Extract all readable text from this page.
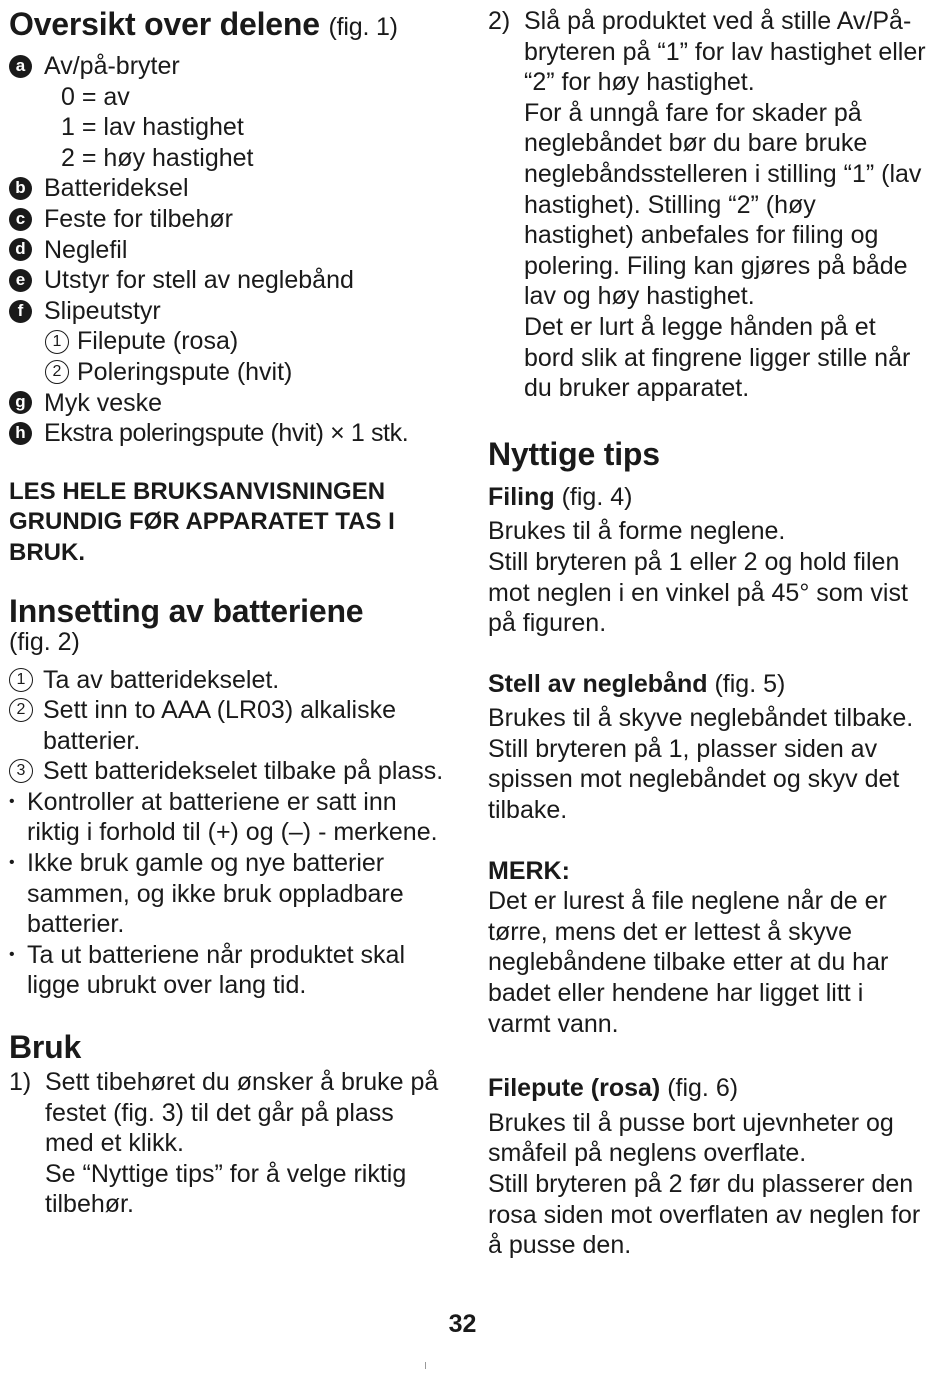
Oversikt over delene (fig. 1)
a Av/på-bryter
0 = av
1 = lav hastighet
2 = høy hastighet
b Batterideksel
c Feste for tilbehør
d Neglefil
e Utstyr for stell av neglebånd
f Slipeutstyr
1 Filepute (rosa)
2 Poleringspute (hvit)
g Myk veske
h Ekstra poleringspute (hvit) × 1 stk.
LES HELE BRUKSANVISNINGEN GRUNDIG FØR APPARATET TAS I BRUK.
Innsetting av batteriene
(fig. 2)
1 Ta av batteridekselet.
2 Sett inn to AAA (LR03) alkaliske batterier.
3 Sett batteridekselet tilbake på plass.
• Kontroller at batteriene er satt inn riktig i forhold til (+) og (–) - merkene.
• Ikke bruk gamle og nye batterier sammen, og ikke bruk oppladbare batterier.
• Ta ut batteriene når produktet skal ligge ubrukt over lang tid.
Bruk
1) Sett tibehøret du ønsker å bruke på festet (fig. 3) til det går på plass med et klikk.
Se “Nyttige tips” for å velge riktig tilbehør.
2) Slå på produktet ved å stille Av/På-bryteren på “1” for lav hastighet eller “2” for høy hastighet.
For å unngå fare for skader på neglebåndet bør du bare bruke neglebåndsstelleren i stilling “1” (lav hastighet). Stilling “2” (høy hastighet) anbefales for filing og polering. Filing kan gjøres på både lav og høy hastighet.
Det er lurt å legge hånden på et bord slik at fingrene ligger stille når du bruker apparatet.
Nyttige tips
Filing (fig. 4)
Brukes til å forme neglene.
Still bryteren på 1 eller 2 og hold filen mot neglen i en vinkel på 45° som vist på figuren.
Stell av neglebånd (fig. 5)
Brukes til å skyve neglebåndet tilbake.
Still bryteren på 1, plasser siden av spissen mot neglebåndet og skyv det tilbake.
MERK:
Det er lurest å file neglene når de er tørre, mens det er lettest å skyve neglebåndene tilbake etter at du har badet eller hendene har ligget litt i varmt vann.
Filepute (rosa) (fig. 6)
Brukes til å pusse bort ujevnheter og småfeil på neglens overflate.
Still bryteren på 2 før du plasserer den rosa siden mot overflaten av neglen for å pusse den.
32
